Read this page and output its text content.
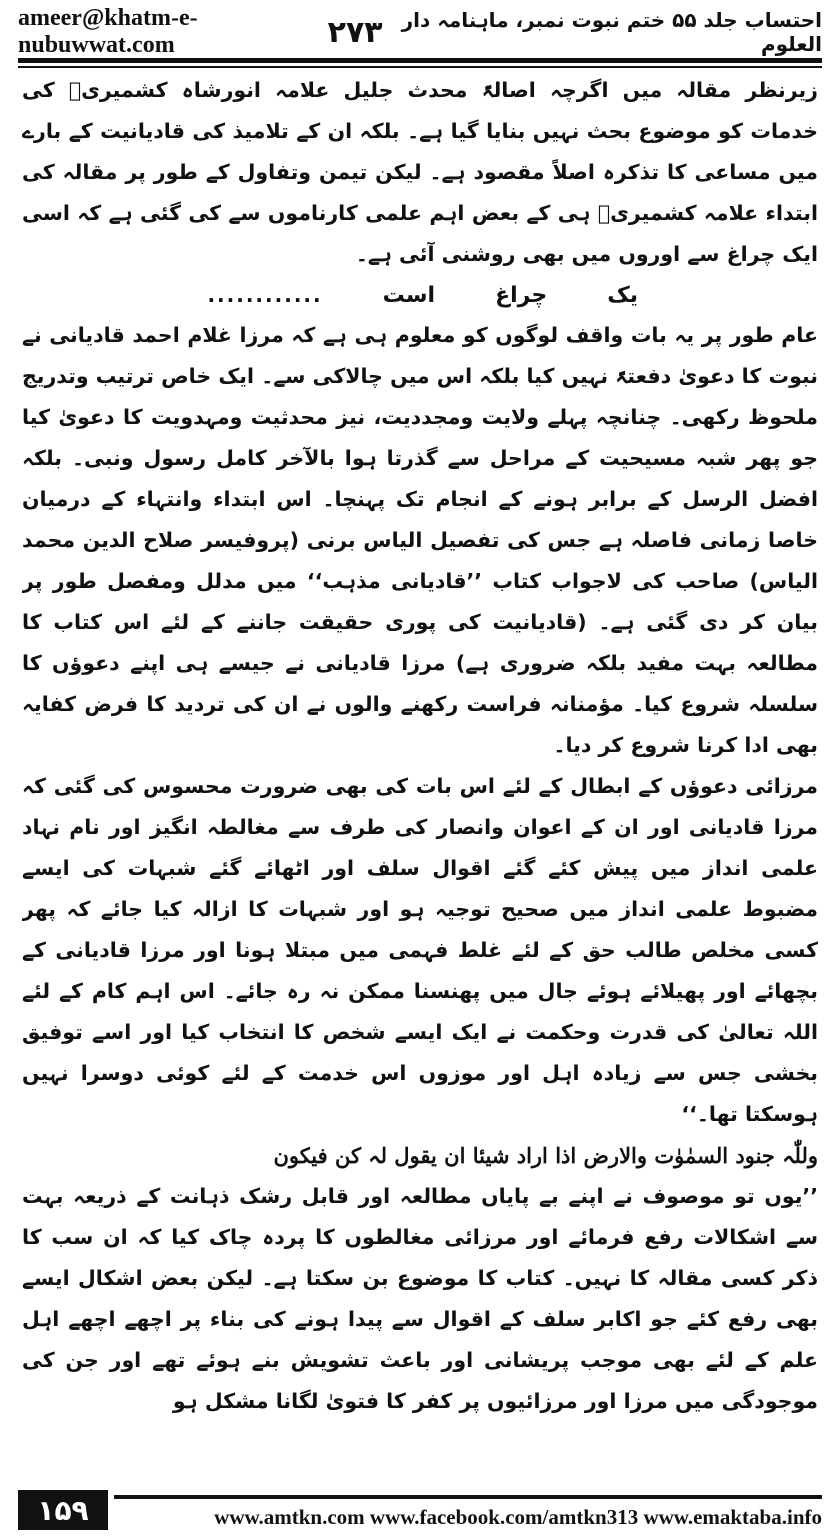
ameer@khatm-e-nubuwwat.com	۲۷۳ احتساب جلد ۵۵ ختم نبوت نمبر، ماہنامہ دار العلوم

زیرنظر مقالہ میں اگرچہ اصالۃً محدث جلیل علامہ انورشاہ کشمیریؒ کی خدمات کو موضوع بحث نہیں بنایا گیا ہے۔ بلکہ ان کے تلامیذ کی قادیانیت کے بارے میں مساعی کا تذکرہ اصلاً مقصود ہے۔ لیکن تیمن وتفاول کے طور پر مقالہ کی ابتداء علامہ کشمیریؒ ہی کے بعض اہم علمی کارناموں سے کی گئی ہے کہ اسی ایک چراغ سے اوروں میں بھی روشنی آئی ہے۔

یک
چراغ
است
............

عام طور پر یہ بات واقف لوگوں کو معلوم ہی ہے کہ مرزا غلام احمد قادیانی نے نبوت کا دعویٰ دفعتہً نہیں کیا بلکہ اس میں چالاکی سے۔ ایک خاص ترتیب وتدریج ملحوظ رکھی۔ چنانچہ پہلے ولایت ومجددیت، نیز محدثیت ومہدویت کا دعویٰ کیا جو پھر شبہ مسیحیت کے مراحل سے گذرتا ہوا بالآخر کامل رسول ونبی۔ بلکہ افضل الرسل کے برابر ہونے کے انجام تک پہنچا۔ اس ابتداء وانتہاء کے درمیان خاصا زمانی فاصلہ ہے جس کی تفصیل الیاس برنی (پروفیسر صلاح الدین محمد الیاس) صاحب کی لاجواب کتاب ’’قادیانی مذہب‘‘ میں مدلل ومفصل طور پر بیان کر دی گئی ہے۔ (قادیانیت کی پوری حقیقت جاننے کے لئے اس کتاب کا مطالعہ بہت مفید بلکہ ضروری ہے) مرزا قادیانی نے جیسے ہی اپنے دعوؤں کا سلسلہ شروع کیا۔ مؤمنانہ فراست رکھنے والوں نے ان کی تردید کا فرض کفایہ بھی ادا کرنا شروع کر دیا۔

مرزائی دعوؤں کے ابطال کے لئے اس بات کی بھی ضرورت محسوس کی گئی کہ مرزا قادیانی اور ان کے اعوان وانصار کی طرف سے مغالطہ انگیز اور نام نہاد علمی انداز میں پیش کئے گئے اقوال سلف اور اٹھائے گئے شبہات کی ایسے مضبوط علمی انداز میں صحیح توجیہ ہو اور شبہات کا ازالہ کیا جائے کہ پھر کسی مخلص طالب حق کے لئے غلط فہمی میں مبتلا ہونا اور مرزا قادیانی کے بچھائے اور پھیلائے ہوئے جال میں پھنسنا ممکن نہ رہ جائے۔ اس اہم کام کے لئے اللہ تعالیٰ کی قدرت وحکمت نے ایک ایسے شخص کا انتخاب کیا اور اسے توفیق بخشی جس سے زیادہ اہل اور موزوں اس خدمت کے لئے کوئی دوسرا نہیں ہوسکتا تھا۔‘‘

وللّٰہ جنود السمٰوٰت والارض اذا اراد شیئا ان یقول لہ کن فیکون

’’یوں تو موصوف نے اپنے بے پایاں مطالعہ اور قابل رشک ذہانت کے ذریعہ بہت سے اشکالات رفع فرمائے اور مرزائی مغالطوں کا پردہ چاک کیا کہ ان سب کا ذکر کسی مقالہ کا نہیں۔ کتاب کا موضوع بن سکتا ہے۔ لیکن بعض اشکال ایسے بھی رفع کئے جو اکابر سلف کے اقوال سے پیدا ہونے کی بناء پر اچھے اچھے اہل علم کے لئے بھی موجب پریشانی اور باعث تشویش بنے ہوئے تھے اور جن کی موجودگی میں مرزا اور مرزائیوں پر کفر کا فتویٰ لگانا مشکل ہو

۱۵۹	www.amtkn.com www.facebook.com/amtkn313 www.emaktaba.info
